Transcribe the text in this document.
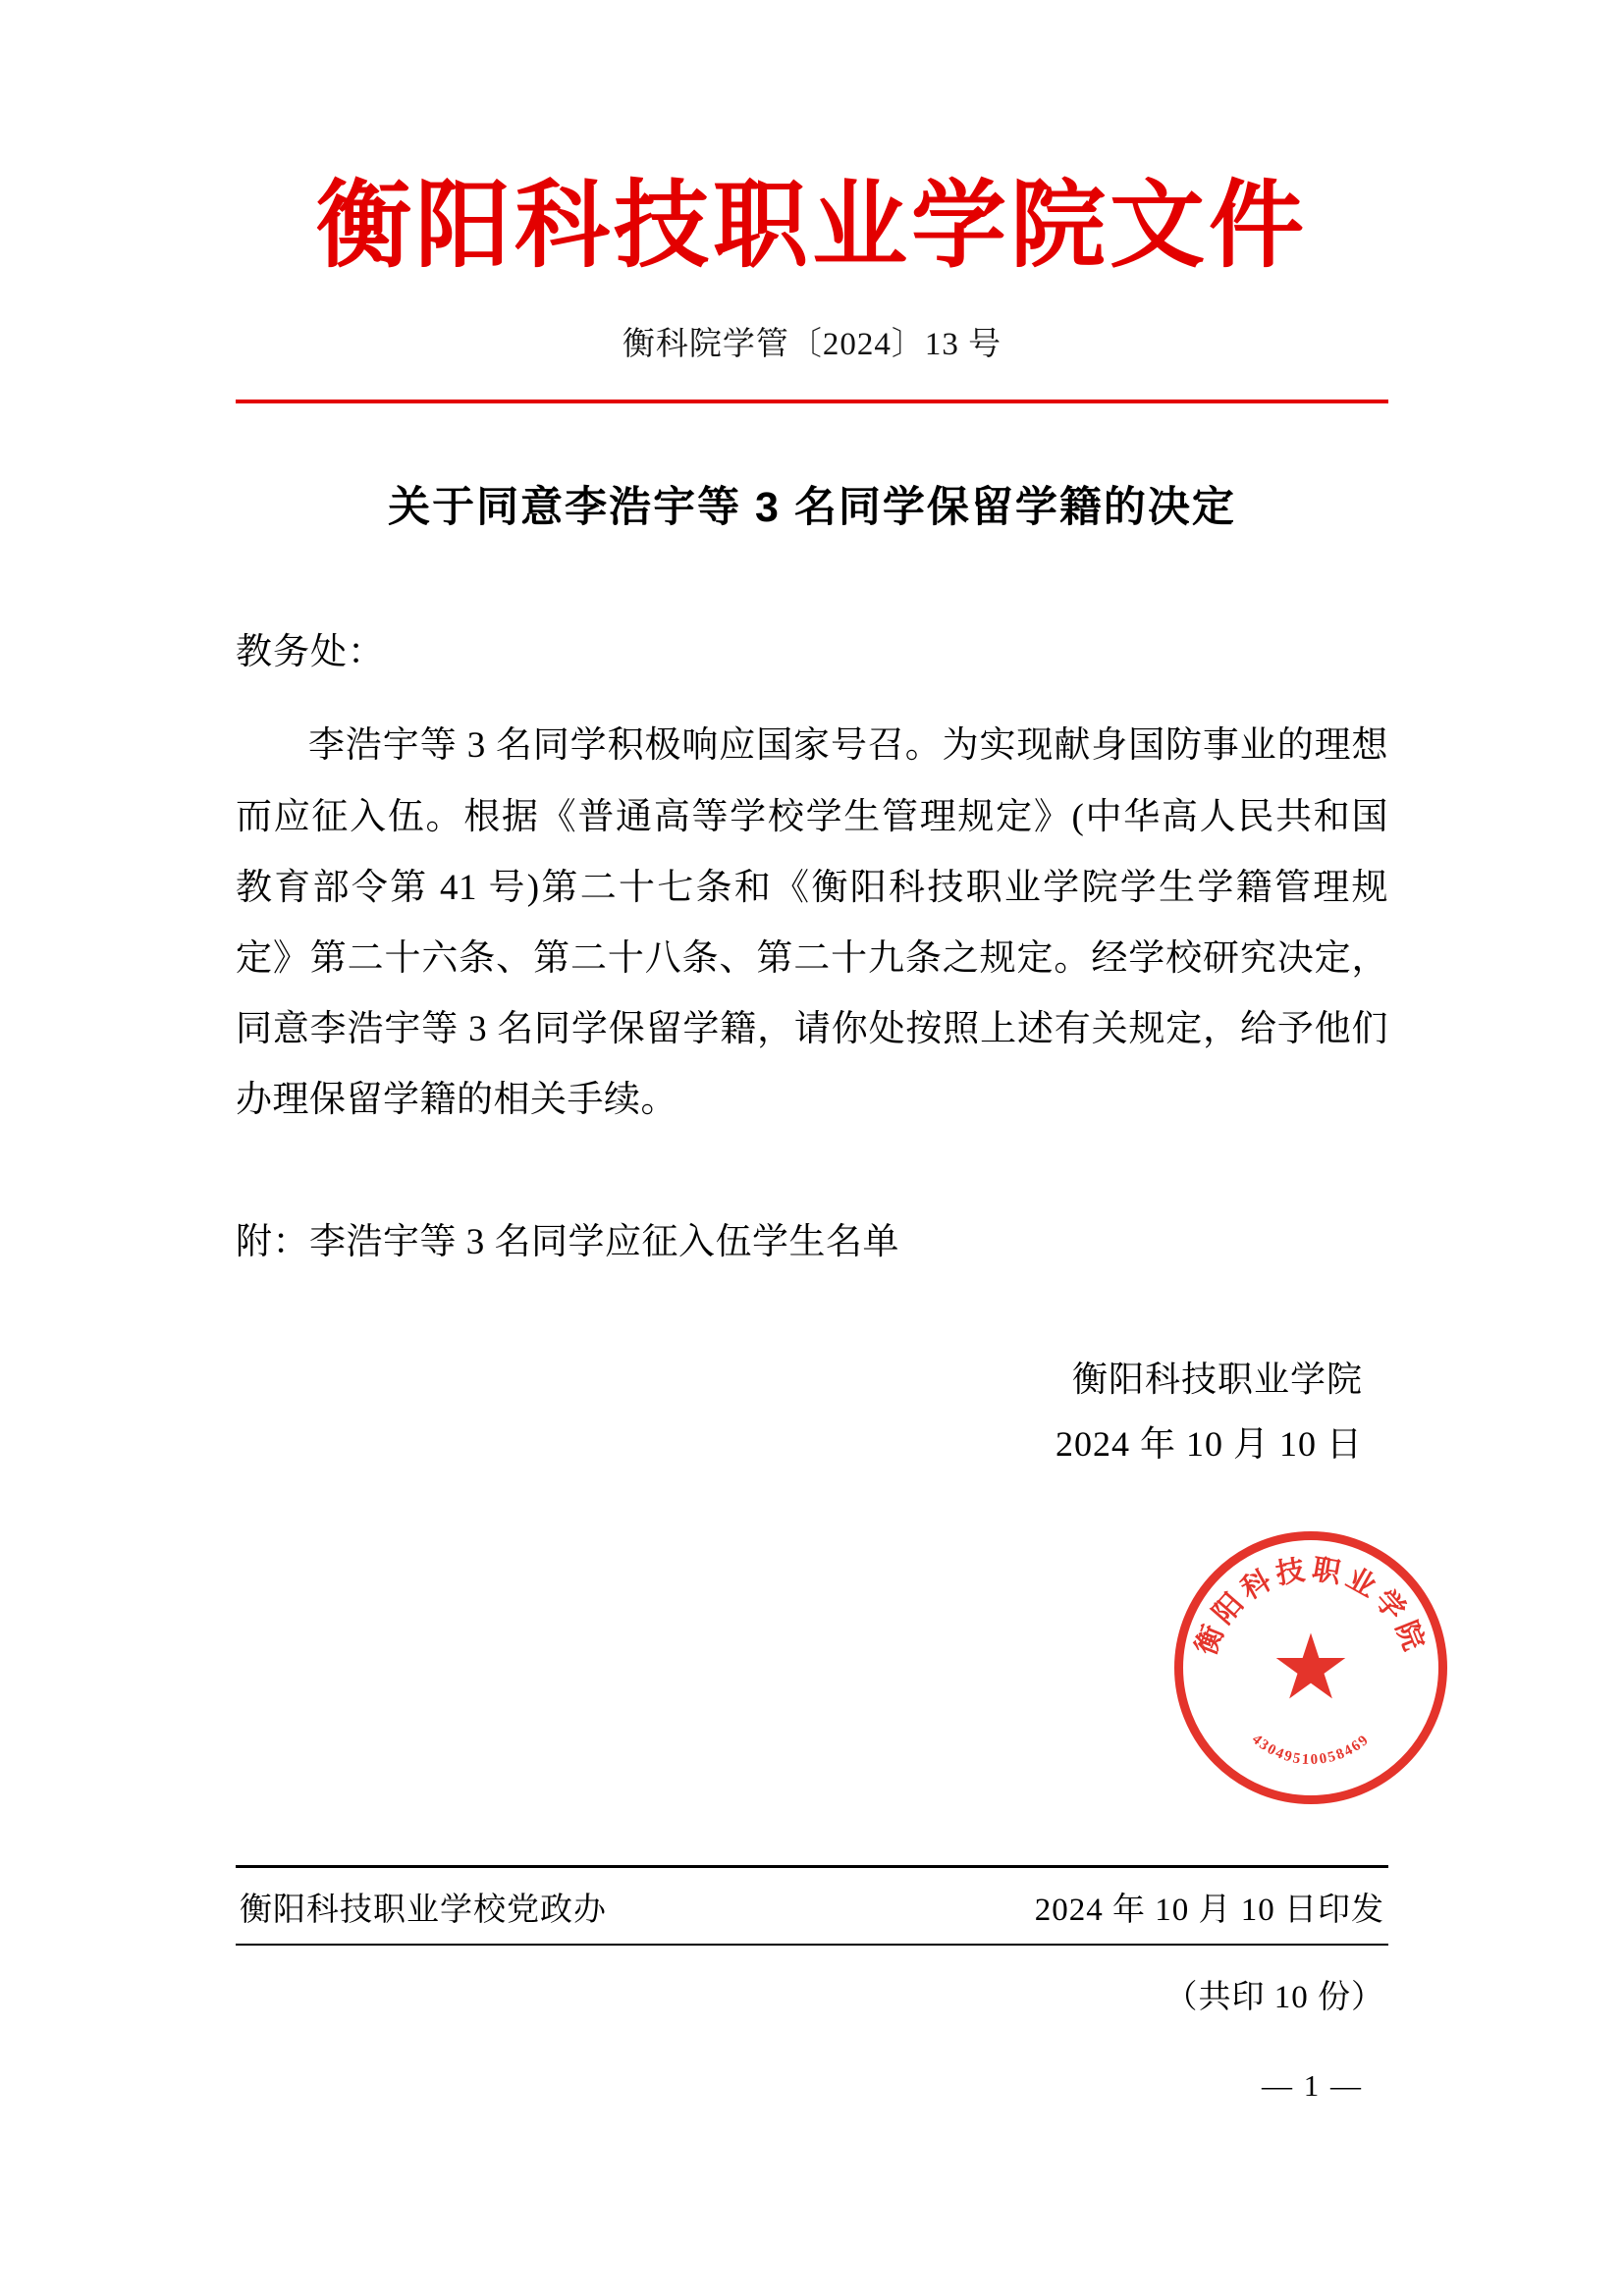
衡阳科技职业学院文件
衡科院学管〔2024〕13 号
关于同意李浩宇等 3 名同学保留学籍的决定
教务处：
李浩宇等 3 名同学积极响应国家号召。为实现献身国防事业的理想而应征入伍。根据《普通高等学校学生管理规定》(中华高人民共和国教育部令第 41 号)第二十七条和《衡阳科技职业学院学生学籍管理规定》第二十六条、第二十八条、第二十九条之规定。经学校研究决定，同意李浩宇等 3 名同学保留学籍，请你处按照上述有关规定，给予他们办理保留学籍的相关手续。
附：李浩宇等 3 名同学应征入伍学生名单
衡阳科技职业学院
2024 年 10 月 10 日
衡阳科技职业学院
43049510058469
★
衡阳科技职业学校党政办	2024 年 10 月 10 日印发
（共印 10 份）
— 1 —
